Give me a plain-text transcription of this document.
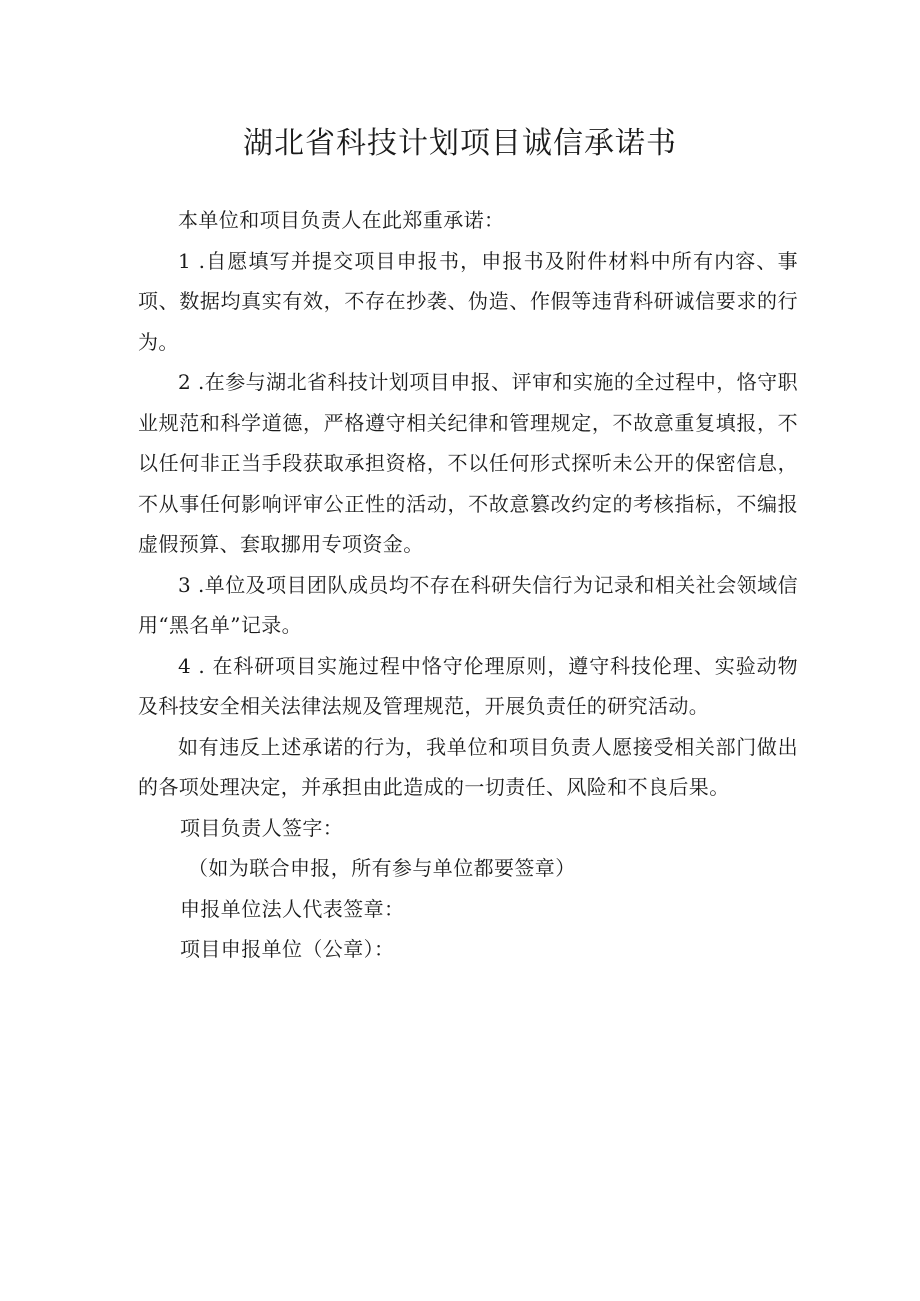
湖北省科技计划项目诚信承诺书

本单位和项目负责人在此郑重承诺：

1 .自愿填写并提交项目申报书，申报书及附件材料中所有内容、事项、数据均真实有效，不存在抄袭、伪造、作假等违背科研诚信要求的行为。

2 .在参与湖北省科技计划项目申报、评审和实施的全过程中，恪守职业规范和科学道德，严格遵守相关纪律和管理规定，不故意重复填报，不以任何非正当手段获取承担资格，不以任何形式探听未公开的保密信息，不从事任何影响评审公正性的活动，不故意篡改约定的考核指标，不编报虚假预算、套取挪用专项资金。

3 .单位及项目团队成员均不存在科研失信行为记录和相关社会领域信用“黑名单”记录。

4 . 在科研项目实施过程中恪守伦理原则，遵守科技伦理、实验动物及科技安全相关法律法规及管理规范，开展负责任的研究活动。

如有违反上述承诺的行为，我单位和项目负责人愿接受相关部门做出的各项处理决定，并承担由此造成的一切责任、风险和不良后果。

项目负责人签字：

（如为联合申报，所有参与单位都要签章）

申报单位法人代表签章：

项目申报单位（公章）：
